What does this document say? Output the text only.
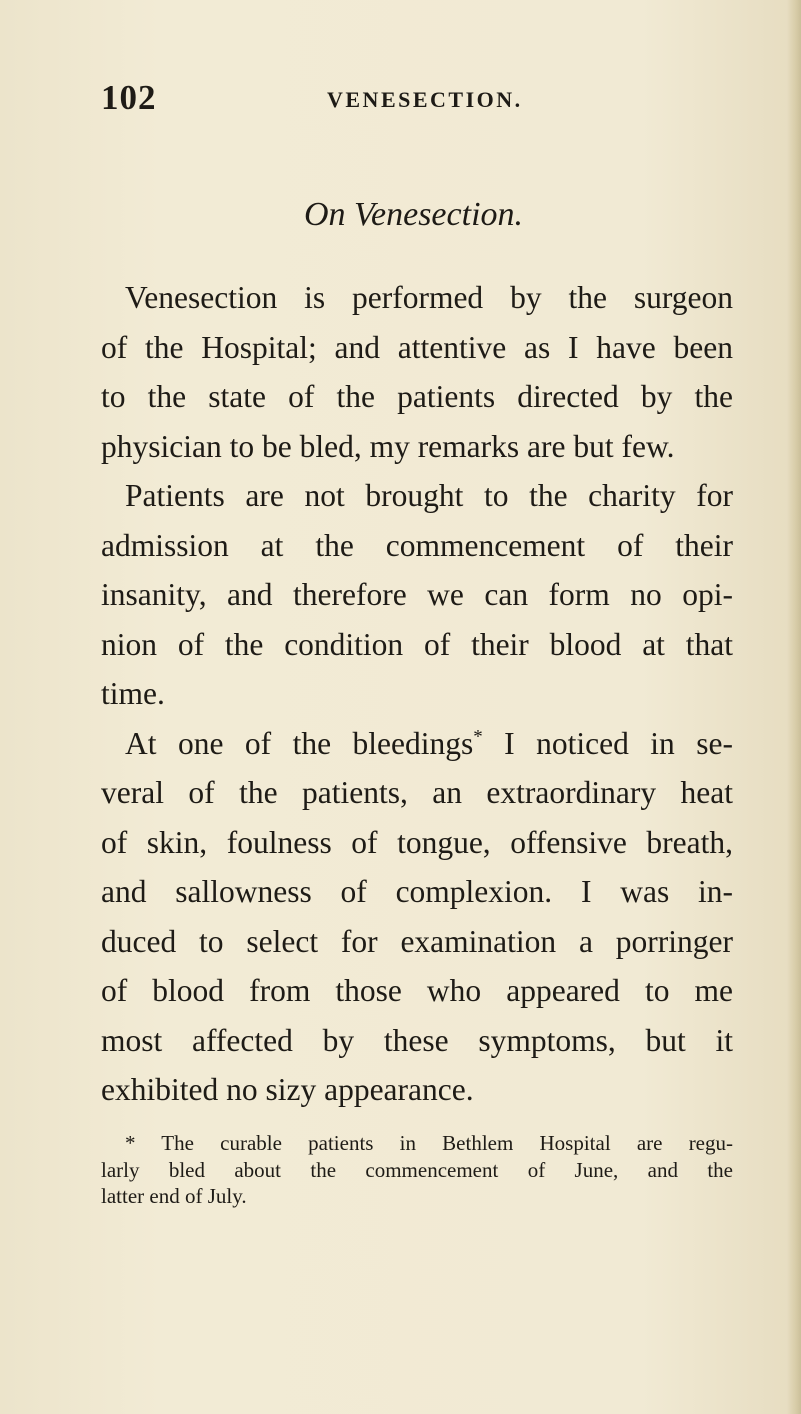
102	VENESECTION.
On Venesection.
Venesection is performed by the surgeon
of the Hospital; and attentive as I have been
to the state of the patients directed by the
physician to be bled, my remarks are but few.
Patients are not brought to the charity for
admission at the commencement of their
insanity, and therefore we can form no opi-
nion of the condition of their blood at that
time.
At one of the bleedings* I noticed in se-
veral of the patients, an extraordinary heat
of skin, foulness of tongue, offensive breath,
and sallowness of complexion. I was in-
duced to select for examination a porringer
of blood from those who appeared to me
most affected by these symptoms, but it
exhibited no sizy appearance.
* The curable patients in Bethlem Hospital are regu-
larly bled about the commencement of June, and the
latter end of July.
